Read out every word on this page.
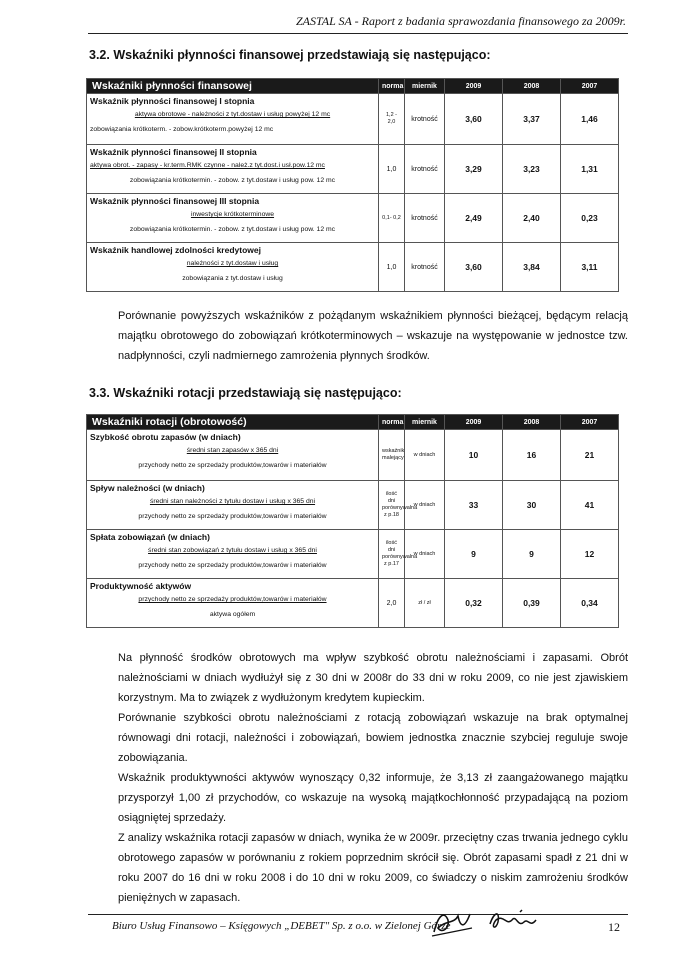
ZASTAL SA - Raport z badania sprawozdania finansowego za 2009r.
3.2. Wskaźniki płynności finansowej przedstawiają się następująco:
Wskaźniki płynności finansowej	norma	miernik	2009	2008	2007

Wskaźnik płynności finansowej I stopnia
aktywa obrotowe - należności z tyt.dostaw i usług powyżej 12 mc
zobowiązania krótkoterm. - zobow.krótkoterm.powyżej 12 mc	1,2 - 2,0	krotność	3,60	3,37	1,46

Wskaźnik płynności finansowej II stopnia
aktywa obrot. - zapasy - kr.term.RMK czynne - należ.z tyt.dost.i usł.pow.12 mc
zobowiązania krótkotermin. - zobow. z tyt.dostaw i usług pow. 12 mc	1,0	krotność	3,29	3,23	1,31

Wskaźnik płynności finansowej III stopnia
inwestycje krótkoterminowe
zobowiązania krótkotermin. - zobow. z tyt.dostaw i usług pow. 12 mc	0,1- 0,2	krotność	2,49	2,40	0,23

Wskaźnik handlowej zdolności kredytowej
należności z tyt.dostaw i usług
zobowiązania z tyt.dostaw i usług	1,0	krotność	3,60	3,84	3,11

Porównanie powyższych wskaźników z pożądanym wskaźnikiem płynności bieżącej, będącym relacją majątku obrotowego do zobowiązań krótkoterminowych – wskazuje na występowanie w jednostce tzw. nadpłynności, czyli nadmiernego zamrożenia płynnych środków.

3.3. Wskaźniki rotacji przedstawiają się następująco:
Wskaźniki rotacji (obrotowość)	norma	miernik	2009	2008	2007

Szybkość obrotu zapasów (w dniach)
średni stan zapasów x 365 dni
przychody netto ze sprzedaży produktów,towarów i materiałów	wskaźnik malejący	w dniach	10	16	21

Spływ należności (w dniach)
średni stan należności z tytułu dostaw i usług x 365 dni
przychody netto ze sprzedaży produktów,towarów i materiałów	ilość dni porównywalna z p.18	w dniach	33	30	41

Spłata zobowiązań (w dniach)
średni stan zobowiązań z tytułu dostaw i usług x 365 dni
przychody netto ze sprzedaży produktów,towarów i materiałów	ilość dni porównywalna z p.17	w dniach	9	9	12

Produktywność aktywów
przychody netto ze sprzedaży produktów,towarów i materiałów
aktywa ogółem	2,0	zł / zł	0,32	0,39	0,34

Na płynność środków obrotowych ma wpływ szybkość obrotu należnościami i zapasami. Obrót należnościami w dniach wydłużył się z 30 dni w 2008r do 33 dni w roku 2009, co nie jest zjawiskiem korzystnym. Ma to związek z wydłużonym kredytem kupieckim.

Porównanie szybkości obrotu należnościami z rotacją zobowiązań wskazuje na brak optymalnej równowagi dni rotacji, należności i zobowiązań, bowiem jednostka znacznie szybciej reguluje swoje zobowiązania.

Wskaźnik produktywności aktywów wynoszący 0,32 informuje, że 3,13 zł zaangażowanego majątku przysporzył 1,00 zł przychodów, co wskazuje na wysoką majątkochłonność przypadającą na poziom osiągniętej sprzedaży.

Z analizy wskaźnika rotacji zapasów w dniach, wynika że w 2009r. przeciętny czas trwania jednego cyklu obrotowego zapasów w porównaniu z rokiem poprzednim skrócił się. Obrót zapasami spadł z 21 dni w roku 2007 do 16 dni w roku 2008 i do 10 dni w roku 2009, co świadczy o niskim zamrożeniu środków pieniężnych w zapasach.

Biuro Usług Finansowo – Księgowych „DEBET" Sp. z o.o. w Zielonej Górze	12
